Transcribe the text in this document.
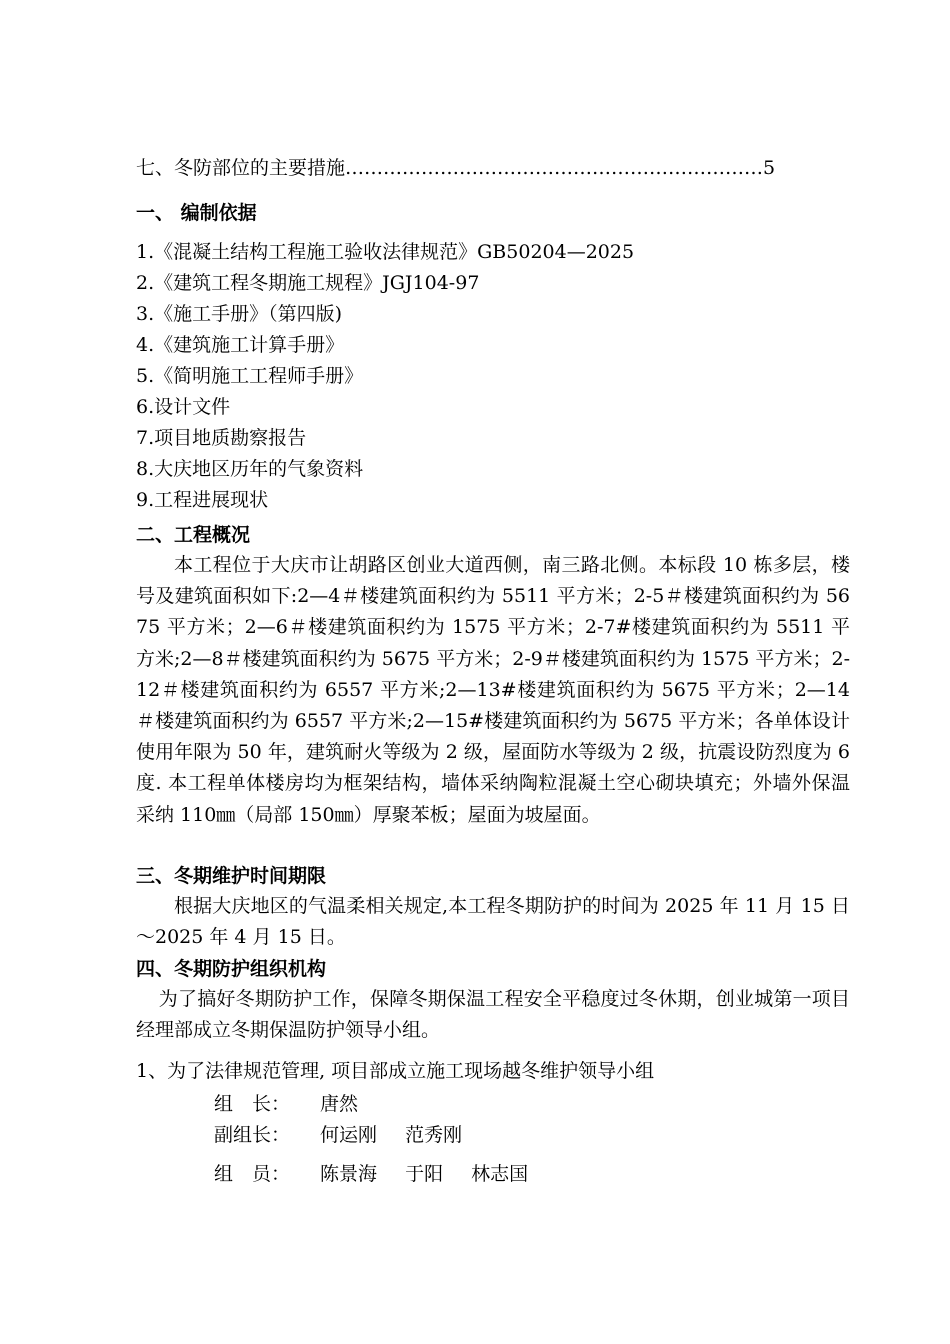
七、冬防部位的主要措施…………………………………………………………5
一、 编制依据
1.《混凝土结构工程施工验收法律规范》GB50204—2025
2.《建筑工程冬期施工规程》JGJ104-97
3.《施工手册》（第四版)
4.《建筑施工计算手册》
5.《简明施工工程师手册》
6.设计文件
7.项目地质勘察报告
8.大庆地区历年的气象资料
9.工程进展现状
二、工程概况

本工程位于大庆市让胡路区创业大道西侧，南三路北侧。本标段 10 栋多层，楼号及建筑面积如下:2—4＃楼建筑面积约为 5511 平方米；2-5＃楼建筑面积约为 5675 平方米；2—6＃楼建筑面积约为 1575 平方米；2-7#楼建筑面积约为 5511 平方米;2—8＃楼建筑面积约为 5675 平方米；2-9＃楼建筑面积约为 1575 平方米；2-12＃楼建筑面积约为 6557 平方米;2—13#楼建筑面积约为 5675 平方米；2—14＃楼建筑面积约为 6557 平方米;2—15#楼建筑面积约为 5675 平方米；各单体设计使用年限为 50 年，建筑耐火等级为 2 级，屋面防水等级为 2 级，抗震设防烈度为 6 度. 本工程单体楼房均为框架结构，墙体采纳陶粒混凝土空心砌块填充；外墙外保温采纳 110㎜（局部 150㎜）厚聚苯板；屋面为坡屋面。

三、冬期维护时间期限

根据大庆地区的气温柔相关规定,本工程冬期防护的时间为 2025 年 11 月 15 日～2025 年 4 月 15 日。

四、冬期防护组织机构

为了搞好冬期防护工作，保障冬期保温工程安全平稳度过冬休期，创业城第一项目经理部成立冬期保温防护领导小组。

1、为了法律规范管理, 项目部成立施工现场越冬维护领导小组
组　长： 唐然
副组长： 何运刚 范秀刚
组　员： 陈景海 于阳 林志国
